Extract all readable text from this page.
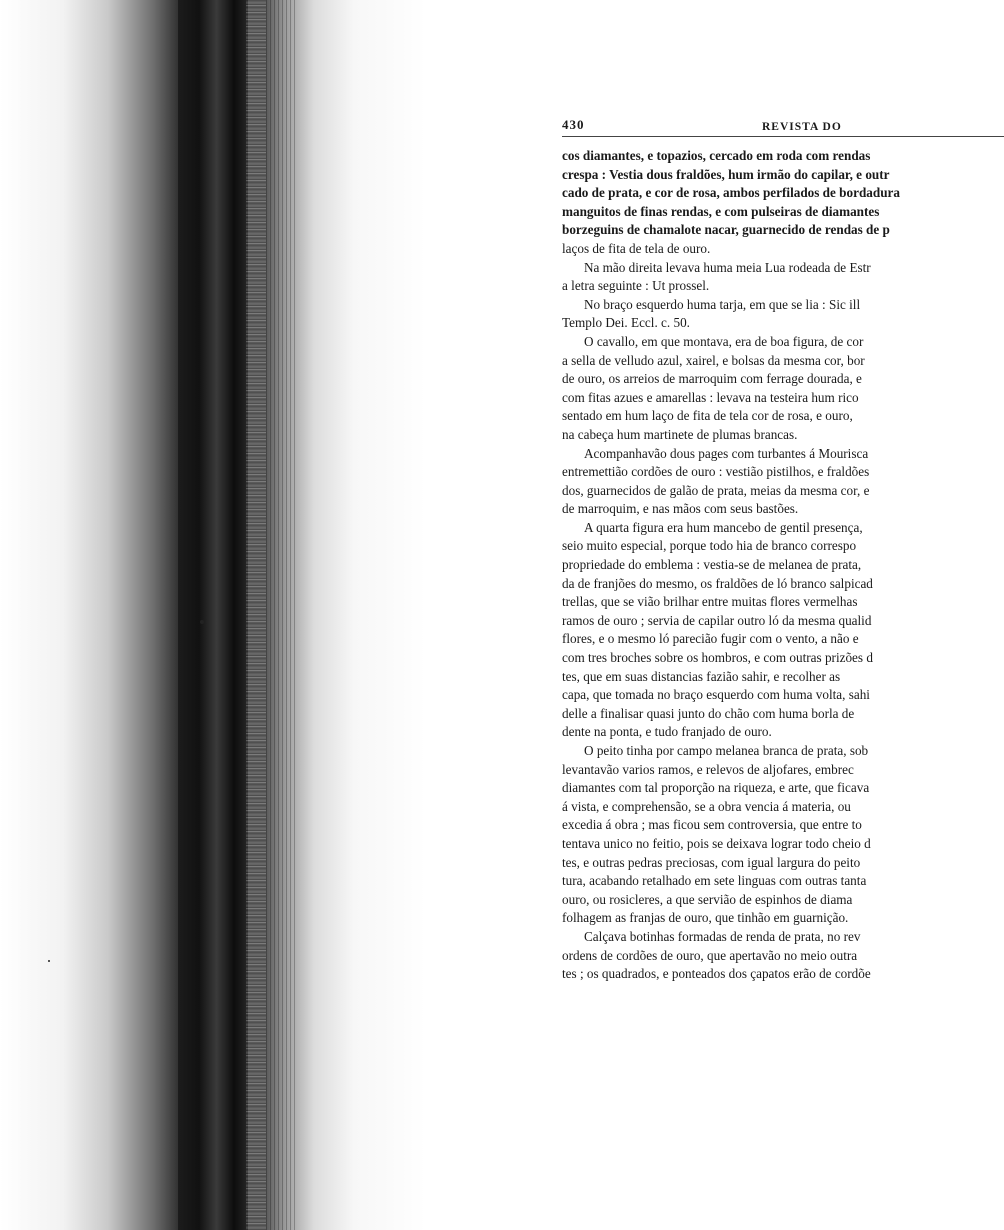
430	REVISTA DO
cos diamantes, e topazios, cercado em roda com rendas
crespa : Vestia dous fraldões, hum irmão do capilar, e outr
cado de prata, e cor de rosa, ambos perfilados de bordadura
manguitos de finas rendas, e com pulseiras de diamantes
borzeguins de chamalote nacar, guarnecido de rendas de p
laços de fita de tela de ouro.
Na mão direita levava huma meia Lua rodeada de Estr
a letra seguinte : Ut prossel.
No braço esquerdo huma tarja, em que se lia : Sic ill
Templo Dei. Eccl. c. 50.
O cavallo, em que montava, era de boa figura, de cor
a sella de velludo azul, xairel, e bolsas da mesma cor, bor
de ouro, os arreios de marroquim com ferrage dourada, e
com fitas azues e amarellas : levava na testeira hum rico
sentado em hum laço de fita de tela cor de rosa, e ouro,
na cabeça hum martinete de plumas brancas.
Acompanhavão dous pages com turbantes á Mourisca
entremettião cordões de ouro : vestião pistilhos, e fraldões
dos, guarnecidos de galão de prata, meias da mesma cor, e
de marroquim, e nas mãos com seus bastões.
A quarta figura era hum mancebo de gentil presença,
seio muito especial, porque todo hia de branco correspo
propriedade do emblema : vestia-se de melanea de prata,
da de franjões do mesmo, os fraldões de ló branco salpicad
trellas, que se vião brilhar entre muitas flores vermelhas
ramos de ouro ; servia de capilar outro ló da mesma qualid
flores, e o mesmo ló parecião fugir com o vento, a não e
com tres broches sobre os hombros, e com outras prizões d
tes, que em suas distancias fazião sahir, e recolher as
capa, que tomada no braço esquerdo com huma volta, sahi
delle a finalisar quasi junto do chão com huma borla de
dente na ponta, e tudo franjado de ouro.
O peito tinha por campo melanea branca de prata, sob
levantavão varios ramos, e relevos de aljofares, embrec
diamantes com tal proporção na riqueza, e arte, que ficava
á vista, e comprehensão, se a obra vencia á materia, ou
excedia á obra ; mas ficou sem controversia, que entre to
tentava unico no feitio, pois se deixava lograr todo cheio d
tes, e outras pedras preciosas, com igual largura do peito
tura, acabando retalhado em sete linguas com outras tanta
ouro, ou rosicleres, a que servião de espinhos de diama
folhagem as franjas de ouro, que tinhão em guarnição.
Calçava botinhas formadas de renda de prata, no rev
ordens de cordões de ouro, que apertavão no meio outra
tes ; os quadrados, e ponteados dos çapatos erão de cordõe
